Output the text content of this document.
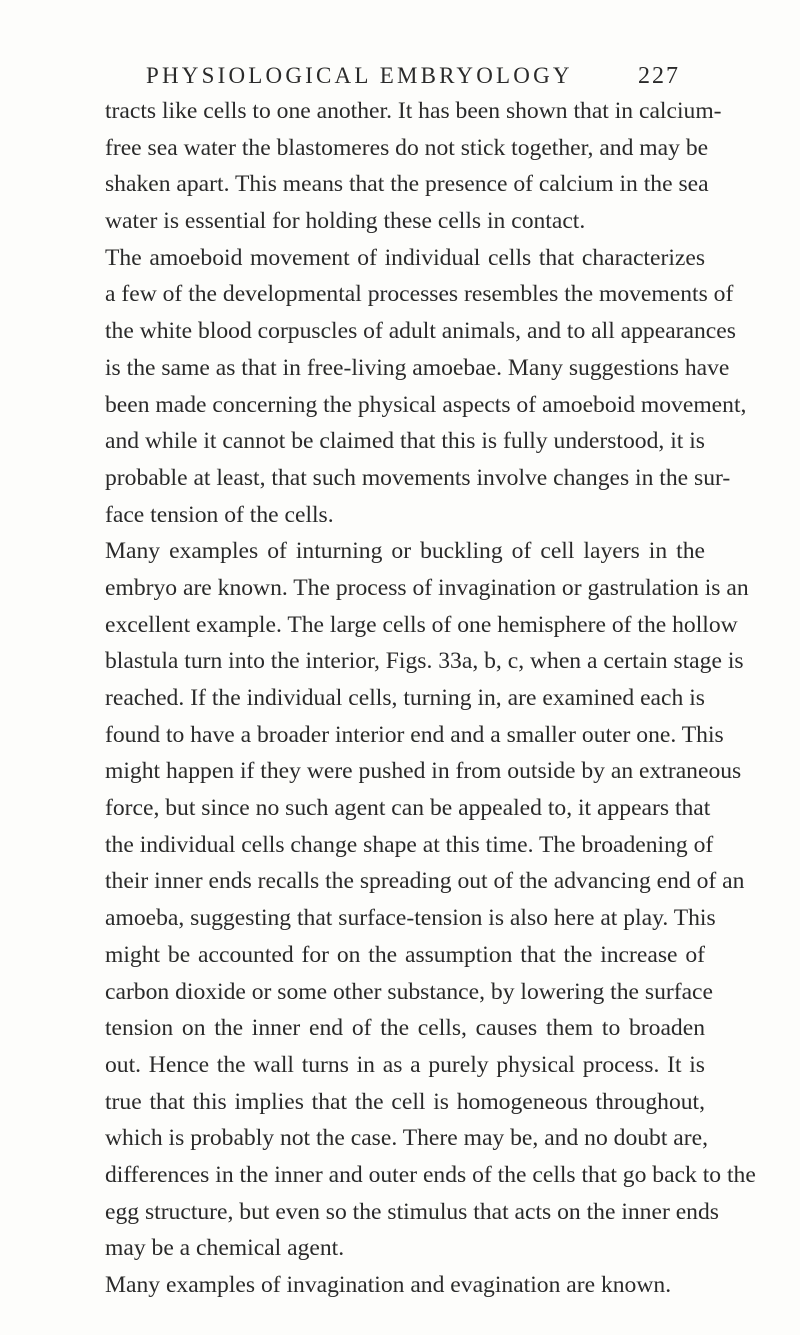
PHYSIOLOGICAL EMBRYOLOGY	227
tracts like cells to one another. It has been shown that in calcium-
free sea water the blastomeres do not stick together, and may be
shaken apart. This means that the presence of calcium in the sea
water is essential for holding these cells in contact.
The amoeboid movement of individual cells that characterizes
a few of the developmental processes resembles the movements of
the white blood corpuscles of adult animals, and to all appearances
is the same as that in free-living amoebae. Many suggestions have
been made concerning the physical aspects of amoeboid movement,
and while it cannot be claimed that this is fully understood, it is
probable at least, that such movements involve changes in the sur-
face tension of the cells.
Many examples of inturning or buckling of cell layers in the
embryo are known. The process of invagination or gastrulation is an
excellent example. The large cells of one hemisphere of the hollow
blastula turn into the interior, Figs. 33a, b, c, when a certain stage is
reached. If the individual cells, turning in, are examined each is
found to have a broader interior end and a smaller outer one. This
might happen if they were pushed in from outside by an extraneous
force, but since no such agent can be appealed to, it appears that
the individual cells change shape at this time. The broadening of
their inner ends recalls the spreading out of the advancing end of an
amoeba, suggesting that surface-tension is also here at play. This
might be accounted for on the assumption that the increase of
carbon dioxide or some other substance, by lowering the surface
tension on the inner end of the cells, causes them to broaden
out. Hence the wall turns in as a purely physical process. It is
true that this implies that the cell is homogeneous throughout,
which is probably not the case. There may be, and no doubt are,
differences in the inner and outer ends of the cells that go back to the
egg structure, but even so the stimulus that acts on the inner ends
may be a chemical agent.
Many examples of invagination and evagination are known.
